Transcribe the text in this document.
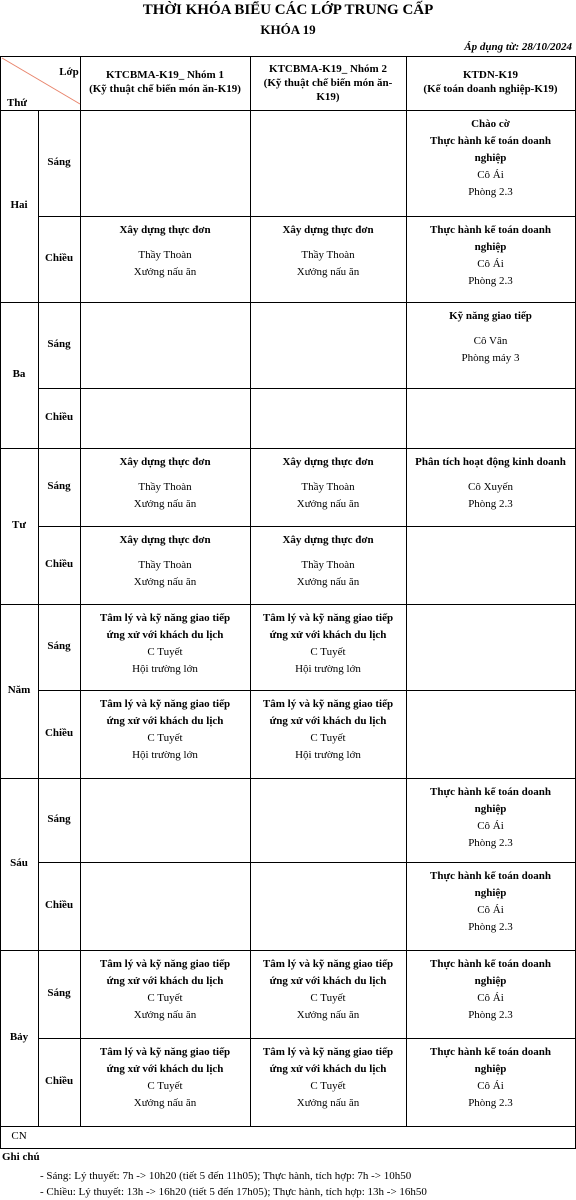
THỜI KHÓA BIỂU CÁC LỚP TRUNG CẤP
KHÓA 19
Áp dụng từ: 28/10/2024
Lớp
Thứ
KTCBMA-K19_ Nhóm 1
(Kỹ thuật chế biến món ăn-K19)
KTCBMA-K19_ Nhóm 2
(Kỹ thuật chế biến món ăn-
K19)
KTDN-K19
(Kế toán doanh nghiệp-K19)
Hai
Sáng
Chào cờ
Thực hành kế toán doanh
nghiệp
Cô Ái
Phòng 2.3
Chiều
Xây dựng thực đơn
Thầy Thoàn
Xưởng nấu ăn
Xây dựng thực đơn
Thầy Thoàn
Xưởng nấu ăn
Thực hành kế toán doanh
nghiệp
Cô Ái
Phòng 2.3
Ba
Sáng
Kỹ năng giao tiếp
Cô Vân
Phòng máy 3
Chiều
Tư
Sáng
Xây dựng thực đơn
Thầy Thoàn
Xưởng nấu ăn
Xây dựng thực đơn
Thầy Thoàn
Xưởng nấu ăn
Phân tích hoạt động kinh doanh
Cô Xuyến
Phòng 2.3
Chiều
Xây dựng thực đơn
Thầy Thoàn
Xưởng nấu ăn
Xây dựng thực đơn
Thầy Thoàn
Xưởng nấu ăn
Năm
Sáng
Tâm lý và kỹ năng giao tiếp
ứng xử với khách du lịch
C Tuyết
Hội trường lớn
Tâm lý và kỹ năng giao tiếp
ứng xử với khách du lịch
C Tuyết
Hội trường lớn
Chiều
Tâm lý và kỹ năng giao tiếp
ứng xử với khách du lịch
C Tuyết
Hội trường lớn
Tâm lý và kỹ năng giao tiếp
ứng xử với khách du lịch
C Tuyết
Hội trường lớn
Sáu
Sáng
Thực hành kế toán doanh
nghiệp
Cô Ái
Phòng 2.3
Chiều
Thực hành kế toán doanh
nghiệp
Cô Ái
Phòng 2.3
Bảy
Sáng
Tâm lý và kỹ năng giao tiếp
ứng xử với khách du lịch
C Tuyết
Xưởng nấu ăn
Tâm lý và kỹ năng giao tiếp
ứng xử với khách du lịch
C Tuyết
Xưởng nấu ăn
Thực hành kế toán doanh
nghiệp
Cô Ái
Phòng 2.3
Chiều
Tâm lý và kỹ năng giao tiếp
ứng xử với khách du lịch
C Tuyết
Xưởng nấu ăn
Tâm lý và kỹ năng giao tiếp
ứng xử với khách du lịch
C Tuyết
Xưởng nấu ăn
Thực hành kế toán doanh
nghiệp
Cô Ái
Phòng 2.3
CN
Ghi chú
- Sáng: Lý thuyết: 7h -> 10h20 (tiết 5 đến 11h05); Thực hành, tích hợp: 7h -> 10h50
- Chiều: Lý thuyết: 13h -> 16h20 (tiết 5 đến 17h05); Thực hành, tích hợp: 13h -> 16h50
